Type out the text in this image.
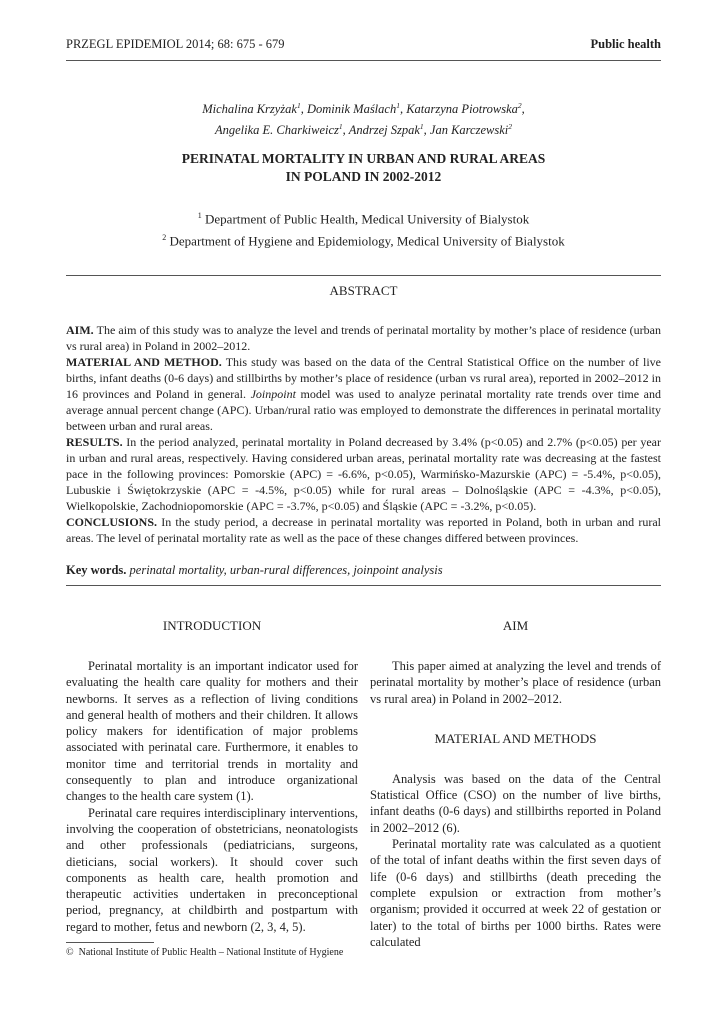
PRZEGL EPIDEMIOL 2014; 68: 675 - 679	Public health
Michalina Krzyżak$^1$, Dominik Maślach$^1$, Katarzyna Piotrowska$^2$,
Angelika E. Charkiweicz$^1$, Andrzej Szpak$^1$, Jan Karczewski$^2$
PERINATAL MORTALITY IN URBAN AND RURAL AREAS
IN POLAND IN 2002-2012
$^1$ Department of Public Health, Medical University of Bialystok
$^2$ Department of Hygiene and Epidemiology, Medical University of Bialystok
ABSTRACT

AIM. The aim of this study was to analyze the level and trends of perinatal mortality by mother’s place of residence (urban vs rural area) in Poland in 2002–2012.

MATERIAL AND METHOD. This study was based on the data of the Central Statistical Office on the number of live births, infant deaths (0-6 days) and stillbirths by mother’s place of residence (urban vs rural area), reported in 2002–2012 in 16 provinces and Poland in general. Joinpoint model was used to analyze perinatal mortality rate trends over time and average annual percent change (APC). Urban/rural ratio was employed to demonstrate the differences in perinatal mortality between urban and rural areas.

RESULTS. In the period analyzed, perinatal mortality in Poland decreased by 3.4% (p<0.05) and 2.7% (p<0.05) per year in urban and rural areas, respectively. Having considered urban areas, perinatal mortality rate was decreasing at the fastest pace in the following provinces: Pomorskie (APC) = -6.6%, p<0.05), Warmińsko-Mazurskie (APC) = -5.4%, p<0.05), Lubuskie i Świętokrzyskie (APC = -4.5%, p<0.05) while for rural areas – Dolnośląskie (APC = -4.3%, p<0.05), Wielkopolskie, Zachodniopomorskie (APC = -3.7%, p<0.05) and Śląskie (APC = -3.2%, p<0.05).

CONCLUSIONS. In the study period, a decrease in perinatal mortality was reported in Poland, both in urban and rural areas. The level of perinatal mortality rate as well as the pace of these changes differed between provinces.

Key words. perinatal mortality, urban-rural differences, joinpoint analysis
INTRODUCTION

Perinatal mortality is an important indicator used for evaluating the health care quality for mothers and their newborns. It serves as a reflection of living conditions and general health of mothers and their children. It allows policy makers for identification of major problems associated with perinatal care. Furthermore, it enables to monitor time and territorial trends in mortality and consequently to plan and introduce organizational changes to the health care system (1).

Perinatal care requires interdisciplinary interventions, involving the cooperation of obstetricians, neonatologists and other professionals (pediatricians, surgeons, dieticians, social workers). It should cover such components as health care, health promotion and therapeutic activities undertaken in preconceptional period, pregnancy, at childbirth and postpartum with regard to mother, fetus and newborn (2, 3, 4, 5).

AIM

This paper aimed at analyzing the level and trends of perinatal mortality by mother’s place of residence (urban vs rural area) in Poland in 2002–2012.

MATERIAL AND METHODS

Analysis was based on the data of the Central Statistical Office (CSO) on the number of live births, infant deaths (0-6 days) and stillbirths reported in Poland in 2002–2012 (6).

Perinatal mortality rate was calculated as a quotient of the total of infant deaths within the first seven days of life (0-6 days) and stillbirths (death preceding the complete expulsion or extraction from mother’s organism; provided it occurred at week 22 of gestation or later) to the total of births per 1000 births. Rates were calculated

© National Institute of Public Health – National Institute of Hygiene
